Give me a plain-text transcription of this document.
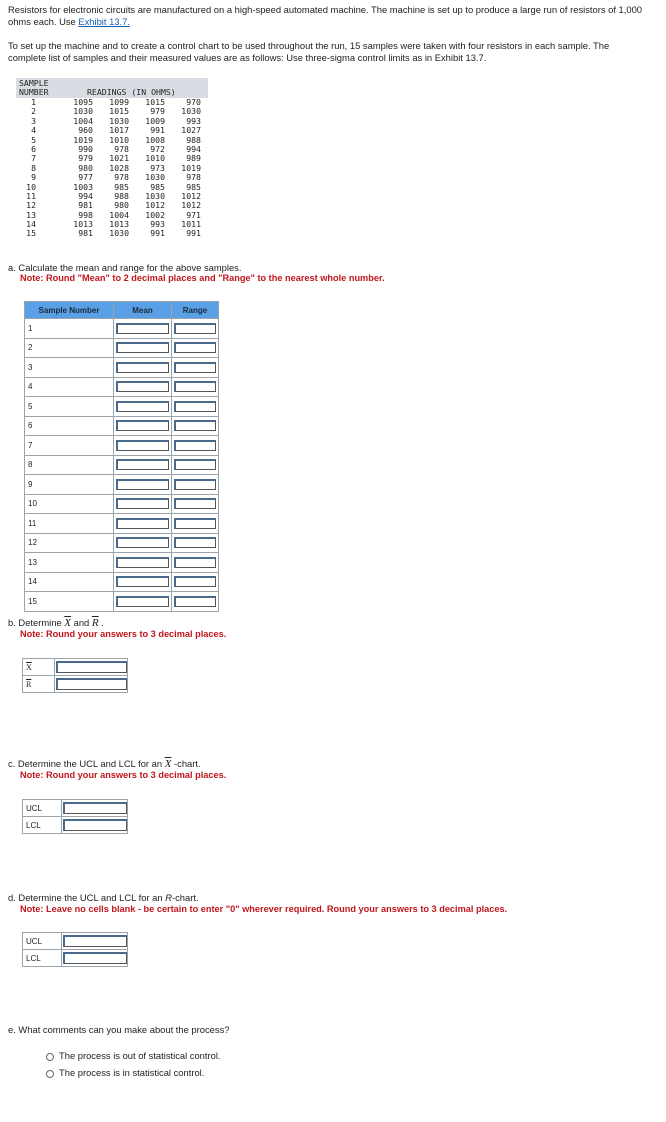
Resistors for electronic circuits are manufactured on a high-speed automated machine. The machine is set up to produce a large run of resistors of 1,000 ohms each. Use Exhibit 13.7.

To set up the machine and to create a control chart to be used throughout the run, 15 samples were taken with four resistors in each sample. The complete list of samples and their measured values are as follows: Use three-sigma control limits as in Exhibit 13.7.

SAMPLE
NUMBER	READINGS (IN OHMS)
1	1095 1099 1015	970
2	1030 1015	979 1030
3	1004 1030 1009	993
4	960 1017	991 1027
5	1019 1010 1008	988
6	990	978	972	994
7	979 1021 1010	989
8	980 1028	973 1019
9	977	978 1030	978
10	1003	985	985	985
11	994	988 1030 1012
12	981	980 1012 1012
13	998 1004 1002	971
14	1013 1013	993 1011
15	981 1030	991	991

a. Calculate the mean and range for the above samples.

Note: Round "Mean" to 2 decimal places and "Range" to the nearest whole number.

Sample Number	Mean	Range
1	

2	

3	

4	

5	

6	

7	

8	

9	

10	

11	

12	

13	

14	

15	

b. Determine $\overline{X}$ and $\overline{R}$ .

Note: Round your answers to 3 decimal places.

$\overline{X}$	

$\overline{R}$	

c. Determine the UCL and LCL for an $\overline{X}$ -chart.

Note: Round your answers to 3 decimal places.

UCL	

LCL	

d. Determine the UCL and LCL for an R-chart.

Note: Leave no cells blank - be certain to enter "0" wherever required. Round your answers to 3 decimal places.

UCL	

LCL	

e. What comments can you make about the process?

The process is out of statistical control.
The process is in statistical control.
